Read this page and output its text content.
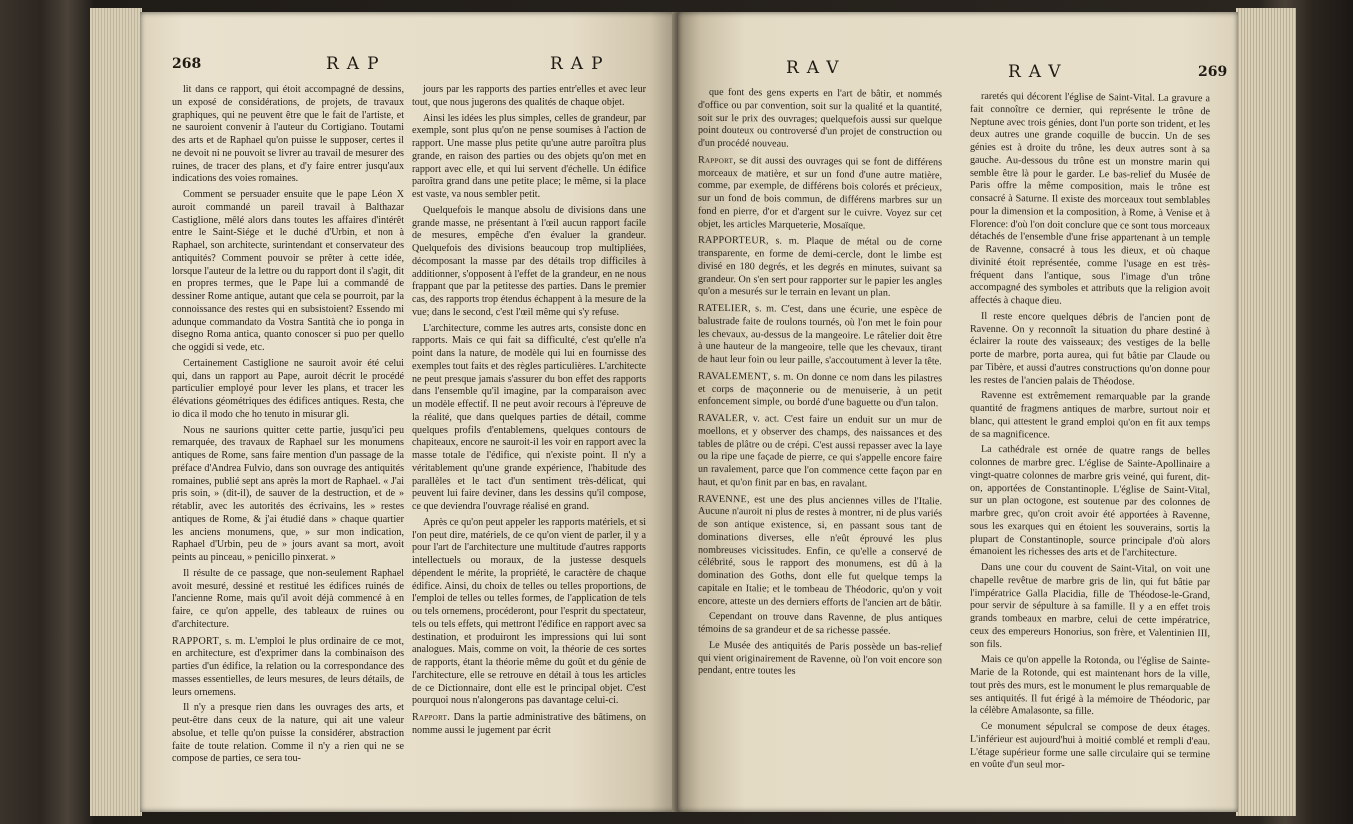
268	RAP	RAP

lit dans ce rapport, qui étoit accompagné de dessins, un exposé de considérations, de projets, de travaux graphiques, qui ne peuvent être que le fait de l'artiste, et ne sauroient convenir à l'auteur du Cortigiano. Toutami des arts et de Raphael qu'on puisse le supposer, certes il ne devoit ni ne pouvoit se livrer au travail de mesurer des ruines, de tracer des plans, et d'y faire entrer jusqu'aux indications des voies romaines.

Comment se persuader ensuite que le pape Léon X auroit commandé un pareil travail à Balthazar Castiglione, mêlé alors dans toutes les affaires d'intérêt entre le Saint-Siége et le duché d'Urbin, et non à Raphael, son architecte, surintendant et conservateur des antiquités? Comment pouvoir se prêter à cette idée, lorsque l'auteur de la lettre ou du rapport dont il s'agit, dit en propres termes, que le Pape lui a commandé de dessiner Rome antique, autant que cela se pourroit, par la connoissance des restes qui en subsistoient? Essendo mi adunque commandato da Vostra Santità che io ponga in disegno Roma antica, quanto conoscer si puo per quello che oggidi si vede, etc.

Certainement Castiglione ne sauroit avoir été celui qui, dans un rapport au Pape, auroit décrit le procédé particulier employé pour lever les plans, et tracer les élévations géométriques des édifices antiques. Resta, che io dica il modo che ho tenuto in misurar gli.

Nous ne saurions quitter cette partie, jusqu'ici peu remarquée, des travaux de Raphael sur les monumens antiques de Rome, sans faire mention d'un passage de la préface d'Andrea Fulvio, dans son ouvrage des antiquités romaines, publié sept ans après la mort de Raphael. « J'ai pris soin, » (dit-il), de sauver de la destruction, et de » rétablir, avec les autorités des écrivains, les » restes antiques de Rome, & j'ai étudié dans » chaque quartier les anciens monumens, que, » sur mon indication, Raphael d'Urbin, peu de » jours avant sa mort, avoit peints au pinceau, » penicillo pinxerat. »

Il résulte de ce passage, que non-seulement Raphael avoit mesuré, dessiné et restitué les édifices ruinés de l'ancienne Rome, mais qu'il avoit déjà commencé à en faire, ce qu'on appelle, des tableaux de ruines ou d'architecture.

RAPPORT, s. m. L'emploi le plus ordinaire de ce mot, en architecture, est d'exprimer dans la combinaison des parties d'un édifice, la relation ou la correspondance des masses essentielles, de leurs mesures, de leurs détails, de leurs ornemens.

Il n'y a presque rien dans les ouvrages des arts, et peut-être dans ceux de la nature, qui ait une valeur absolue, et telle qu'on puisse la considérer, abstraction faite de toute relation. Comme il n'y a rien qui ne se compose de parties, ce sera tou-

jours par les rapports des parties entr'elles et avec leur tout, que nous jugerons des qualités de chaque objet.

Ainsi les idées les plus simples, celles de grandeur, par exemple, sont plus qu'on ne pense soumises à l'action de rapport. Une masse plus petite qu'une autre paroîtra plus grande, en raison des parties ou des objets qu'on met en rapport avec elle, et qui lui servent d'échelle. Un édifice paroîtra grand dans une petite place; le même, si la place est vaste, va nous sembler petit.

Quelquefois le manque absolu de divisions dans une grande masse, ne présentant à l'œil aucun rapport facile de mesures, empêche d'en évaluer la grandeur. Quelquefois des divisions beaucoup trop multipliées, décomposant la masse par des détails trop difficiles à additionner, s'opposent à l'effet de la grandeur, en ne nous frappant que par la petitesse des parties. Dans le premier cas, des rapports trop étendus échappent à la mesure de la vue; dans le second, c'est l'œil même qui s'y refuse.

L'architecture, comme les autres arts, consiste donc en rapports. Mais ce qui fait sa difficulté, c'est qu'elle n'a point dans la nature, de modèle qui lui en fournisse des exemples tout faits et des règles particulières. L'architecte ne peut presque jamais s'assurer du bon effet des rapports dans l'ensemble qu'il imagine, par la comparaison avec un modèle effectif. Il ne peut avoir recours à l'épreuve de la réalité, que dans quelques parties de détail, comme quelques profils d'entablemens, quelques contours de chapiteaux, encore ne sauroit-il les voir en rapport avec la masse totale de l'édifice, qui n'existe point. Il n'y a véritablement qu'une grande expérience, l'habitude des parallèles et le tact d'un sentiment très-délicat, qui peuvent lui faire deviner, dans les dessins qu'il compose, ce que deviendra l'ouvrage réalisé en grand.

Après ce qu'on peut appeler les rapports matériels, et si l'on peut dire, matériels, de ce qu'on vient de parler, il y a pour l'art de l'architecture une multitude d'autres rapports intellectuels ou moraux, de la justesse desquels dépendent le mérite, la propriété, le caractère de chaque édifice. Ainsi, du choix de telles ou telles proportions, de l'emploi de telles ou telles formes, de l'application de tels ou tels ornemens, procéderont, pour l'esprit du spectateur, tels ou tels effets, qui mettront l'édifice en rapport avec sa destination, et produiront les impressions qui lui sont analogues. Mais, comme on voit, la théorie de ces sortes de rapports, étant la théorie même du goût et du génie de l'architecture, elle se retrouve en détail à tous les articles de ce Dictionnaire, dont elle est le principal objet. C'est pourquoi nous n'alongerons pas davantage celui-ci.

Rapport. Dans la partie administrative des bâtimens, on nomme aussi le jugement par écrit

RAV	RAV	269

que font des gens experts en l'art de bâtir, et nommés d'office ou par convention, soit sur la qualité et la quantité, soit sur le prix des ouvrages; quelquefois aussi sur quelque point douteux ou controversé d'un projet de construction ou d'un procédé nouveau.

Rapport, se dit aussi des ouvrages qui se font de différens morceaux de matière, et sur un fond d'une autre matière, comme, par exemple, de différens bois colorés et précieux, sur un fond de bois commun, de différens marbres sur un fond en pierre, d'or et d'argent sur le cuivre. Voyez sur cet objet, les articles Marqueterie, Mosaïque.

RAPPORTEUR, s. m. Plaque de métal ou de corne transparente, en forme de demi-cercle, dont le limbe est divisé en 180 degrés, et les degrés en minutes, suivant sa grandeur. On s'en sert pour rapporter sur le papier les angles qu'on a mesurés sur le terrain en levant un plan.

RATELIER, s. m. C'est, dans une écurie, une espèce de balustrade faite de roulons tournés, où l'on met le foin pour les chevaux, au-dessus de la mangeoire. Le râtelier doit être à une hauteur de la mangeoire, telle que les chevaux, tirant de haut leur foin ou leur paille, s'accoutument à lever la tête.

RAVALEMENT, s. m. On donne ce nom dans les pilastres et corps de maçonnerie ou de menuiserie, à un petit enfoncement simple, ou bordé d'une baguette ou d'un talon.

RAVALER, v. act. C'est faire un enduit sur un mur de moellons, et y observer des champs, des naissances et des tables de plâtre ou de crépi. C'est aussi repasser avec la laye ou la ripe une façade de pierre, ce qui s'appelle encore faire un ravalement, parce que l'on commence cette façon par en haut, et qu'on finit par en bas, en ravalant.

RAVENNE, est une des plus anciennes villes de l'Italie. Aucune n'auroit ni plus de restes à montrer, ni de plus variés de son antique existence, si, en passant sous tant de dominations diverses, elle n'eût éprouvé les plus nombreuses vicissitudes. Enfin, ce qu'elle a conservé de célébrité, sous le rapport des monumens, est dû à la domination des Goths, dont elle fut quelque temps la capitale en Italie; et le tombeau de Théodoric, qu'on y voit encore, atteste un des derniers efforts de l'ancien art de bâtir.

Cependant on trouve dans Ravenne, de plus antiques témoins de sa grandeur et de sa richesse passée.

Le Musée des antiquités de Paris possède un bas-relief qui vient originairement de Ravenne, où l'on voit encore son pendant, entre toutes les

raretés qui décorent l'église de Saint-Vital. La gravure a fait connoître ce dernier, qui représente le trône de Neptune avec trois génies, dont l'un porte son trident, et les deux autres une grande coquille de buccin. Un de ses génies est à droite du trône, les deux autres sont à sa gauche. Au-dessous du trône est un monstre marin qui semble être là pour le garder. Le bas-relief du Musée de Paris offre la même composition, mais le trône est consacré à Saturne. Il existe des morceaux tout semblables pour la dimension et la composition, à Rome, à Venise et à Florence: d'où l'on doit conclure que ce sont tous morceaux détachés de l'ensemble d'une frise appartenant à un temple de Ravenne, consacré à tous les dieux, et où chaque divinité étoit représentée, comme l'usage en est très-fréquent dans l'antique, sous l'image d'un trône accompagné des symboles et attributs que la religion avoit affectés à chaque dieu.

Il reste encore quelques débris de l'ancien pont de Ravenne. On y reconnoît la situation du phare destiné à éclairer la route des vaisseaux; des vestiges de la belle porte de marbre, porta aurea, qui fut bâtie par Claude ou par Tibère, et aussi d'autres constructions qu'on donne pour les restes de l'ancien palais de Théodose.

Ravenne est extrêmement remarquable par la grande quantité de fragmens antiques de marbre, surtout noir et blanc, qui attestent le grand emploi qu'on en fit aux temps de sa magnificence.

La cathédrale est ornée de quatre rangs de belles colonnes de marbre grec. L'église de Sainte-Apollinaire a vingt-quatre colonnes de marbre gris veiné, qui furent, dit-on, apportées de Constantinople. L'église de Saint-Vital, sur un plan octogone, est soutenue par des colonnes de marbre grec, qu'on croit avoir été apportées à Ravenne, sous les exarques qui en étoient les souverains, sortis la plupart de Constantinople, source principale d'où alors émanoient les richesses des arts et de l'architecture.

Dans une cour du couvent de Saint-Vital, on voit une chapelle revêtue de marbre gris de lin, qui fut bâtie par l'impératrice Galla Placidia, fille de Théodose-le-Grand, pour servir de sépulture à sa famille. Il y a en effet trois grands tombeaux en marbre, celui de cette impératrice, ceux des empereurs Honorius, son frère, et Valentinien III, son fils.

Mais ce qu'on appelle la Rotonda, ou l'église de Sainte-Marie de la Rotonde, qui est maintenant hors de la ville, tout près des murs, est le monument le plus remarquable de ses antiquités. Il fut érigé à la mémoire de Théodoric, par la célèbre Amalasonte, sa fille.

Ce monument sépulcral se compose de deux étages. L'inférieur est aujourd'hui à moitié comblé et rempli d'eau. L'étage supérieur forme une salle circulaire qui se termine en voûte d'un seul mor-
